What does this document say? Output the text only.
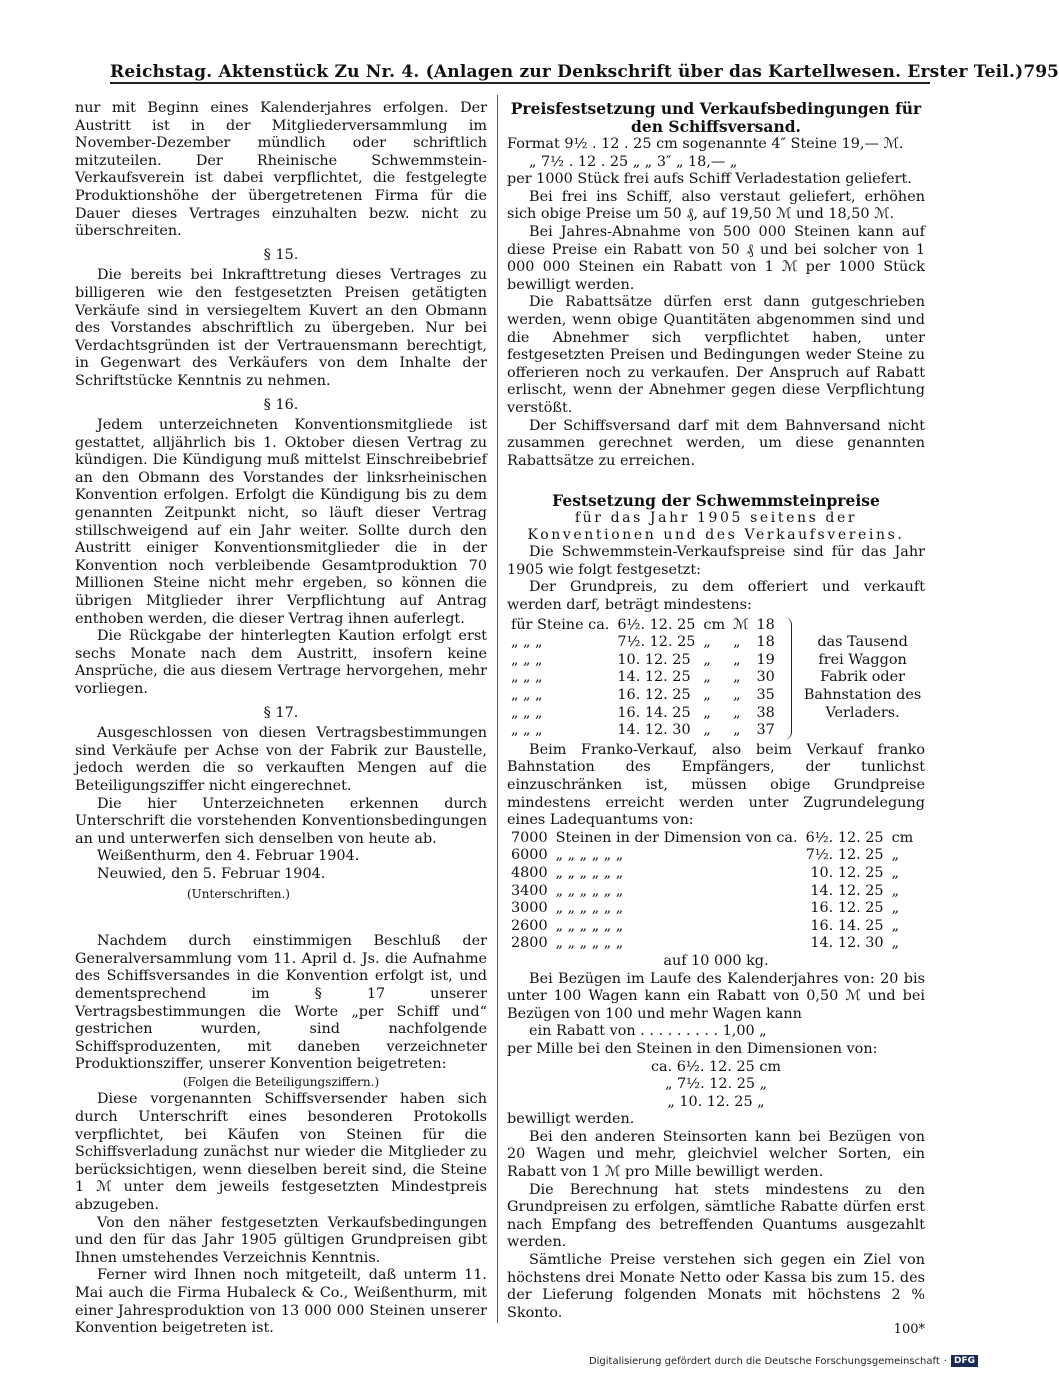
Reichstag. Aktenstück Zu Nr. 4. (Anlagen zur Denkschrift über das Kartellwesen. Erster Teil.) 795

nur mit Beginn eines Kalenderjahres erfolgen. Der Austritt ist in der Mitgliederversammlung im November-Dezember mündlich oder schriftlich mitzuteilen. Der Rheinische Schwemmstein-Verkaufsverein ist dabei verpflichtet, die festgelegte Produktionshöhe der übergetretenen Firma für die Dauer dieses Vertrages einzuhalten bezw. nicht zu überschreiten.

§ 15.

Die bereits bei Inkrafttretung dieses Vertrages zu billigeren wie den festgesetzten Preisen getätigten Verkäufe sind in versiegeltem Kuvert an den Obmann des Vorstandes abschriftlich zu übergeben. Nur bei Verdachtsgründen ist der Vertrauensmann berechtigt, in Gegenwart des Verkäufers von dem Inhalte der Schriftstücke Kenntnis zu nehmen.

§ 16.

Jedem unterzeichneten Konventionsmitgliede ist gestattet, alljährlich bis 1. Oktober diesen Vertrag zu kündigen. Die Kündigung muß mittelst Einschreibebrief an den Obmann des Vorstandes der linksrheinischen Konvention erfolgen. Erfolgt die Kündigung bis zu dem genannten Zeitpunkt nicht, so läuft dieser Vertrag stillschweigend auf ein Jahr weiter. Sollte durch den Austritt einiger Konventionsmitglieder die in der Konvention noch verbleibende Gesamtproduktion 70 Millionen Steine nicht mehr ergeben, so können die übrigen Mitglieder ihrer Verpflichtung auf Antrag enthoben werden, die dieser Vertrag ihnen auferlegt.

Die Rückgabe der hinterlegten Kaution erfolgt erst sechs Monate nach dem Austritt, insofern keine Ansprüche, die aus diesem Vertrage hervorgehen, mehr vorliegen.

§ 17.

Ausgeschlossen von diesen Vertragsbestimmungen sind Verkäufe per Achse von der Fabrik zur Baustelle, jedoch werden die so verkauften Mengen auf die Beteiligungsziffer nicht eingerechnet.

Die hier Unterzeichneten erkennen durch Unterschrift die vorstehenden Konventionsbedingungen an und unterwerfen sich denselben von heute ab.

Weißenthurm, den 4. Februar 1904.

Neuwied, den 5. Februar 1904.

(Unterschriften.)

Nachdem durch einstimmigen Beschluß der Generalversammlung vom 11. April d. Js. die Aufnahme des Schiffsversandes in die Konvention erfolgt ist, und dementsprechend im § 17 unserer Vertragsbestimmungen die Worte „per Schiff und“ gestrichen wurden, sind nachfolgende Schiffsproduzenten, mit daneben verzeichneter Produktionsziffer, unserer Konvention beigetreten:

(Folgen die Beteiligungsziffern.)

Diese vorgenannten Schiffsversender haben sich durch Unterschrift eines besonderen Protokolls verpflichtet, bei Käufen von Steinen für die Schiffsverladung zunächst nur wieder die Mitglieder zu berücksichtigen, wenn dieselben bereit sind, die Steine 1 ℳ unter dem jeweils festgesetzten Mindestpreis abzugeben.

Von den näher festgesetzten Verkaufsbedingungen und den für das Jahr 1905 gültigen Grundpreisen gibt Ihnen umstehendes Verzeichnis Kenntnis.

Ferner wird Ihnen noch mitgeteilt, daß unterm 11. Mai auch die Firma Hubaleck & Co., Weißenthurm, mit einer Jahresproduktion von 13 000 000 Steinen unserer Konvention beigetreten ist.

Preisfestsetzung und Verkaufsbedingungen für den Schiffsversand.

Format 9½ . 12 . 25 cm sogenannte 4″ Steine 19,— ℳ.

„ 7½ . 12 . 25 „ „ 3″ „ 18,— „

per 1000 Stück frei aufs Schiff Verladestation geliefert.

Bei frei ins Schiff, also verstaut geliefert, erhöhen sich obige Preise um 50 ₰, auf 19,50 ℳ und 18,50 ℳ.

Bei Jahres-Abnahme von 500 000 Steinen kann auf diese Preise ein Rabatt von 50 ₰ und bei solcher von 1 000 000 Steinen ein Rabatt von 1 ℳ per 1000 Stück bewilligt werden.

Die Rabattsätze dürfen erst dann gutgeschrieben werden, wenn obige Quantitäten abgenommen sind und die Abnehmer sich verpflichtet haben, unter festgesetzten Preisen und Bedingungen weder Steine zu offerieren noch zu verkaufen. Der Anspruch auf Rabatt erlischt, wenn der Abnehmer gegen diese Verpflichtung verstößt.

Der Schiffsversand darf mit dem Bahnversand nicht zusammen gerechnet werden, um diese genannten Rabattsätze zu erreichen.

Festsetzung der Schwemmsteinpreise
für das Jahr 1905 seitens der Konventionen und des Verkaufsvereins.

Die Schwemmstein-Verkaufspreise sind für das Jahr 1905 wie folgt festgesetzt:

Der Grundpreis, zu dem offeriert und verkauft werden darf, beträgt mindestens:

für Steine ca.	6½. 12. 25	cm	ℳ	18
„ „ „	7½. 12. 25	„	„	18
„ „ „	10. 12. 25	„	„	19
„ „ „	14. 12. 25	„	„	30
„ „ „	16. 12. 25	„	„	35
„ „ „	16. 14. 25	„	„	38
„ „ „	14. 12. 30	„	„	37
das Tausend
frei Waggon
Fabrik oder
Bahnstation des
Verladers.

Beim Franko-Verkauf, also beim Verkauf franko Bahnstation des Empfängers, der tunlichst einzuschränken ist, müssen obige Grundpreise mindestens erreicht werden unter Zugrundelegung eines Ladequantums von:

7000	Steinen in der Dimension von ca.	6½. 12. 25	cm
6000	„ „ „ „ „ „	7½. 12. 25	„
4800	„ „ „ „ „ „	10. 12. 25	„
3400	„ „ „ „ „ „	14. 12. 25	„
3000	„ „ „ „ „ „	16. 12. 25	„
2600	„ „ „ „ „ „	16. 14. 25	„
2800	„ „ „ „ „ „	14. 12. 30	„
auf 10 000 kg.

Bei Bezügen im Laufe des Kalenderjahres von: 20 bis unter 100 Wagen kann ein Rabatt von 0,50 ℳ und bei Bezügen von 100 und mehr Wagen kann

ein Rabatt von . . . . . . . . . 1,00 „

per Mille bei den Steinen in den Dimensionen von:

ca. 6½. 12. 25 cm
„ 7½. 12. 25 „
„ 10. 12. 25 „

bewilligt werden.

Bei den anderen Steinsorten kann bei Bezügen von 20 Wagen und mehr, gleichviel welcher Sorten, ein Rabatt von 1 ℳ pro Mille bewilligt werden.

Die Berechnung hat stets mindestens zu den Grundpreisen zu erfolgen, sämtliche Rabatte dürfen erst nach Empfang des betreffenden Quantums ausgezahlt werden.

Sämtliche Preise verstehen sich gegen ein Ziel von höchstens drei Monate Netto oder Kassa bis zum 15. des der Lieferung folgenden Monats mit höchstens 2 % Skonto.

100*
Digitalisierung gefördert durch die Deutsche Forschungsgemeinschaft · DFG
